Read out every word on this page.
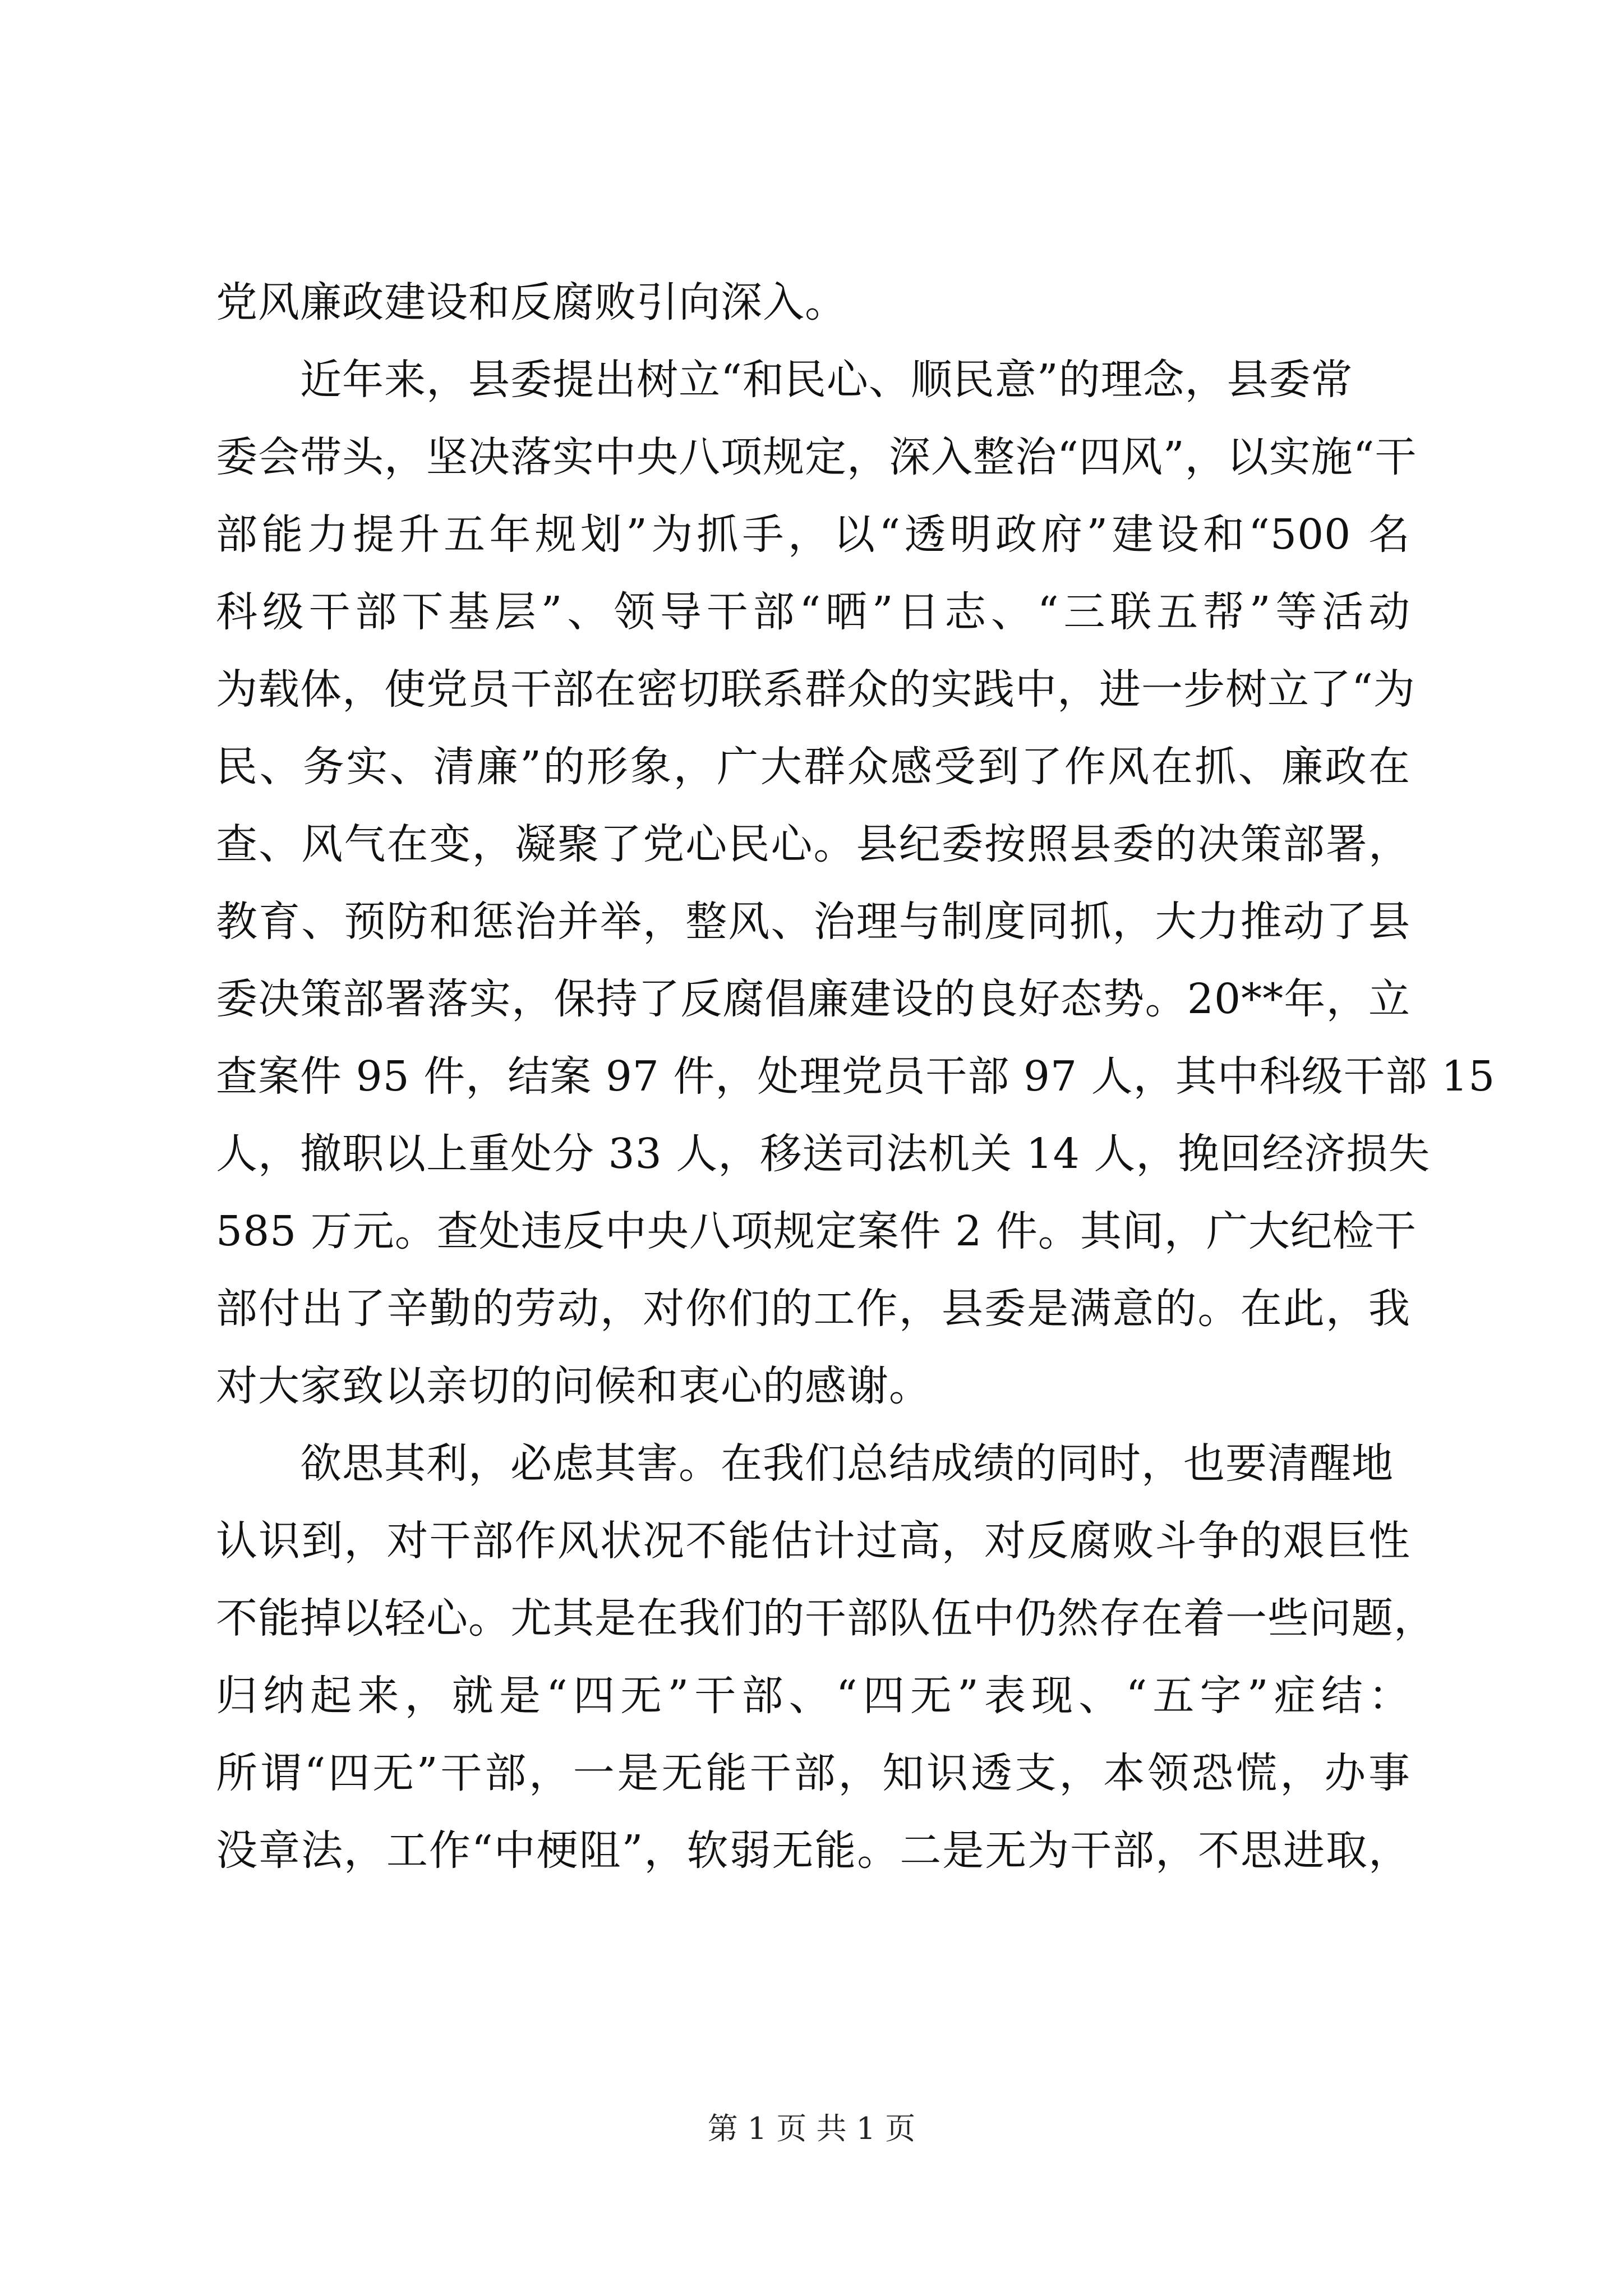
党风廉政建设和反腐败引向深入。
近年来，县委提出树立“和民心、顺民意”的理念，县委常
委会带头，坚决落实中央八项规定，深入整治“四风”，以实施“干
部能力提升五年规划”为抓手，以“透明政府”建设和“500 名
科级干部下基层”、领导干部“晒”日志、“三联五帮”等活动
为载体，使党员干部在密切联系群众的实践中，进一步树立了“为
民、务实、清廉”的形象，广大群众感受到了作风在抓、廉政在
查、风气在变，凝聚了党心民心。县纪委按照县委的决策部署，
教育、预防和惩治并举，整风、治理与制度同抓，大力推动了县
委决策部署落实，保持了反腐倡廉建设的良好态势。20**年，立
查案件 95 件，结案 97 件，处理党员干部 97 人，其中科级干部 15
人，撤职以上重处分 33 人，移送司法机关 14 人，挽回经济损失
585 万元。查处违反中央八项规定案件 2 件。其间，广大纪检干
部付出了辛勤的劳动，对你们的工作，县委是满意的。在此，我
对大家致以亲切的问候和衷心的感谢。
欲思其利，必虑其害。在我们总结成绩的同时，也要清醒地
认识到，对干部作风状况不能估计过高，对反腐败斗争的艰巨性
不能掉以轻心。尤其是在我们的干部队伍中仍然存在着一些问题，
归纳起来，就是“四无”干部、“四无”表现、“五字”症结：
所谓“四无”干部，一是无能干部，知识透支，本领恐慌，办事
没章法，工作“中梗阻”，软弱无能。二是无为干部，不思进取，
第 1 页 共 1 页
